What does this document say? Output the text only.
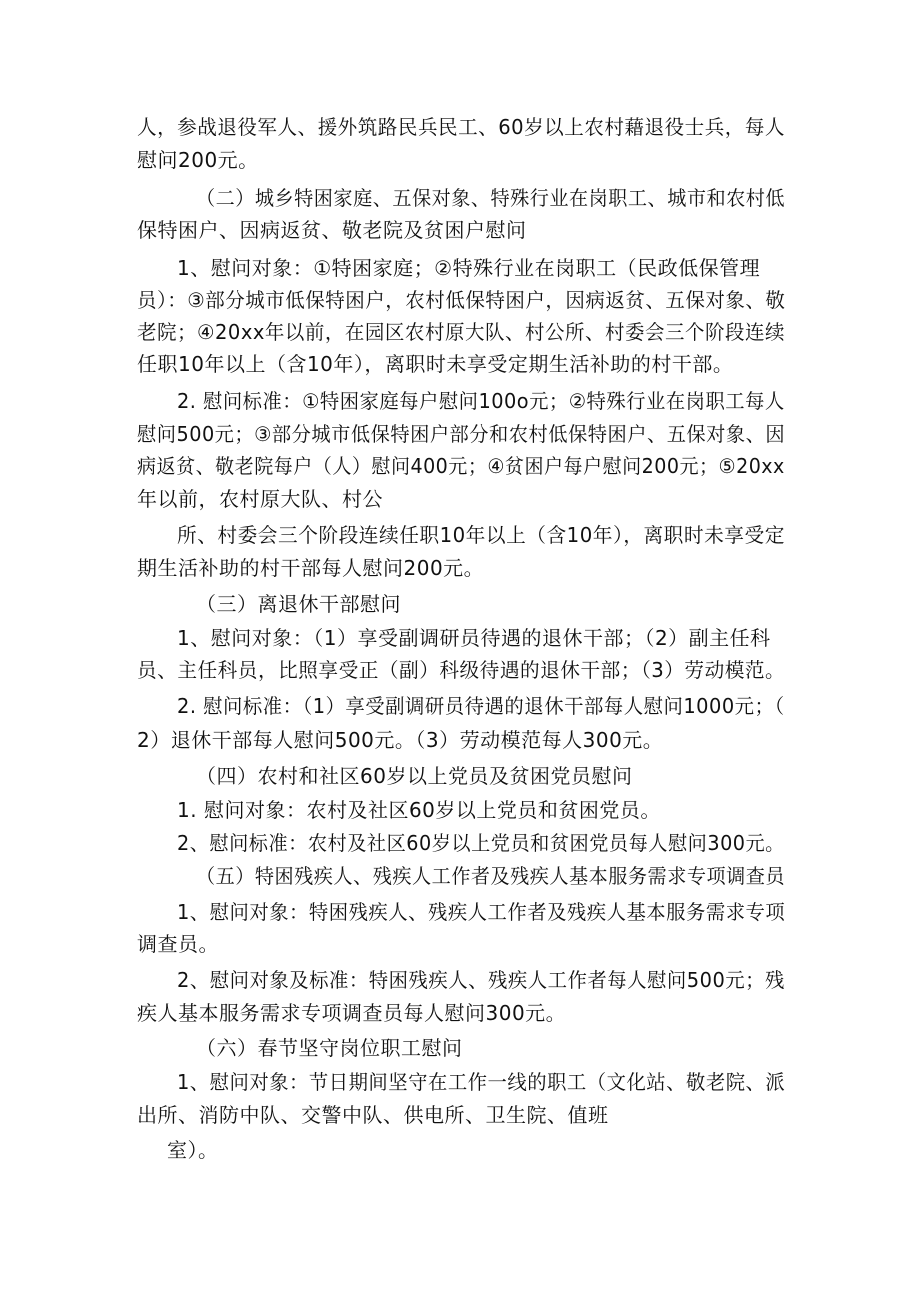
人，参战退役军人、援外筑路民兵民工、60岁以上农村藉退役士兵，每人
慰问200元。
（二）城乡特困家庭、五保对象、特殊行业在岗职工、城市和农村低
保特困户、因病返贫、敬老院及贫困户慰问
1、慰问对象：①特困家庭；②特殊行业在岗职工（民政低保管理
员）：③部分城市低保特困户，农村低保特困户，因病返贫、五保对象、敬
老院；④20xx年以前，在园区农村原大队、村公所、村委会三个阶段连续
任职10年以上（含10年），离职时未享受定期生活补助的村干部。
2. 慰问标准：①特困家庭每户慰问100o元；②特殊行业在岗职工每人
慰问500元；③部分城市低保特困户部分和农村低保特困户、五保对象、因
病返贫、敬老院每户（人）慰问400元；④贫困户每户慰问200元；⑤20xx
年以前，农村原大队、村公
所、村委会三个阶段连续任职10年以上（含10年），离职时未享受定
期生活补助的村干部每人慰问200元。
（三）离退休干部慰问
1、慰问对象：（1）享受副调研员待遇的退休干部；（2）副主任科
员、主任科员，比照享受正（副）科级待遇的退休干部；（3）劳动模范。
2. 慰问标准：（1）享受副调研员待遇的退休干部每人慰问1000元；（
2）退休干部每人慰问500元。（3）劳动模范每人300元。
（四）农村和社区60岁以上党员及贫困党员慰问
1. 慰问对象：农村及社区60岁以上党员和贫困党员。
2、慰问标准：农村及社区60岁以上党员和贫困党员每人慰问300元。
（五）特困残疾人、残疾人工作者及残疾人基本服务需求专项调查员
1、慰问对象：特困残疾人、残疾人工作者及残疾人基本服务需求专项
调查员。
2、慰问对象及标准：特困残疾人、残疾人工作者每人慰问500元；残
疾人基本服务需求专项调查员每人慰问300元。
（六）春节坚守岗位职工慰问
1、慰问对象：节日期间坚守在工作一线的职工（文化站、敬老院、派
出所、消防中队、交警中队、供电所、卫生院、值班
室）。
